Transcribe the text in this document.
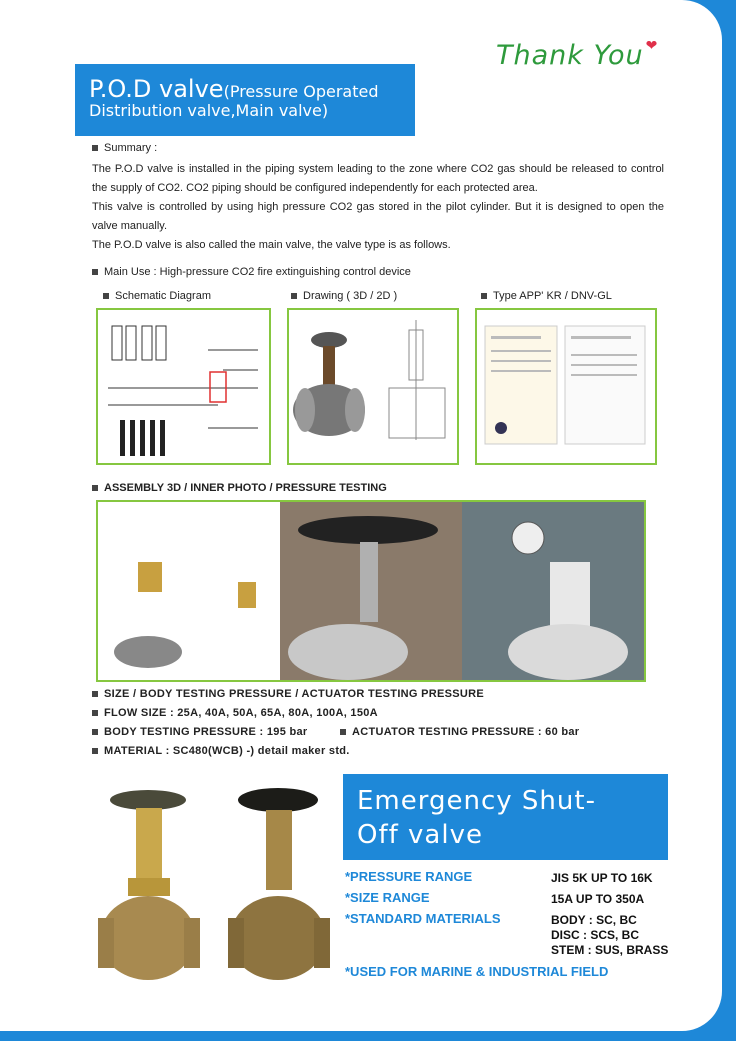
Thank You ❤
P.O.D valve(Pressure Operated
Distribution valve,Main valve)
Summary :
The P.O.D valve is installed in the piping system leading to the zone where CO2 gas should be released to control the supply of CO2. CO2 piping should be configured independently for each protected area.
This valve is controlled by using high pressure CO2 gas stored in the pilot cylinder. But it is designed to open the valve manually.
The P.O.D valve is also called the main valve, the valve type is as follows.
Main Use : High-pressure CO2 fire extinguishing control device
Schematic Diagram	Drawing ( 3D / 2D )	Type APP' KR / DNV-GL
ASSEMBLY 3D / INNER PHOTO / PRESSURE TESTING
SIZE / BODY TESTING PRESSURE / ACTUATOR TESTING PRESSURE
FLOW SIZE : 25A, 40A, 50A, 65A, 80A, 100A, 150A
BODY TESTING PRESSURE : 195 bar	ACTUATOR TESTING PRESSURE : 60 bar
MATERIAL : SC480(WCB) -) detail maker std.
Emergency Shut-
Off valve
*PRESSURE RANGE	JIS 5K UP TO 16K
*SIZE RANGE	15A UP TO 350A
*STANDARD MATERIALS	BODY : SC, BC
DISC : SCS, BC
STEM : SUS, BRASS
*USED FOR MARINE & INDUSTRIAL FIELD
